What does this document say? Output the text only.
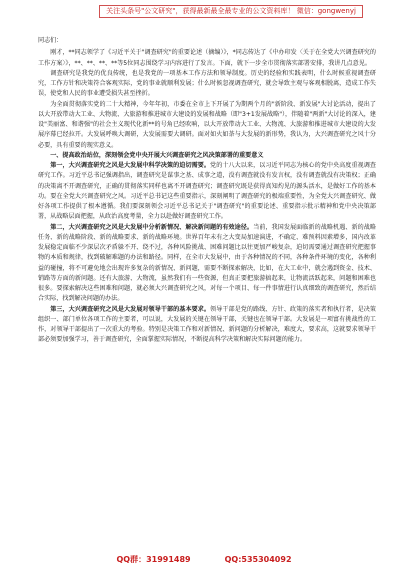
关注头条号"公文研究"，获得最新最全最专业的公文资料库！ 微信：gongwenyj

同志们：

刚才，**同志领学了《习近平关于"调查研究"的重要论述（摘编）》，*同志传达了《中办印发〈关于在全党大兴调查研究的工作方案〉》，**、**、**、**等5位同志围绕学习内容进行了发言。下面，就下一步全市贯彻落实部署安排，我讲几点意见。

调查研究是我党的优良传统，也是我党的一项基本工作方法和领导制度。历史的经验和实践表明，什么时候重视调查研究，工作方针和决策符合客观实际，党的事业就顺利发展；什么时候忽视调查研究，就会导致主观与客观相脱离，造成工作失误，使党和人民的事业遭受损失甚至挫折。

为全面贯彻落实党的二十大精神，今年年初，市委在全市上下开展了为期两个月的"新阶段、新发展"大讨论活动，提出了以大开放带动大工业、大物流、大旅游和推进城市大建设的发展和战略（即"3+1发展战略"），伴随着"两新"大讨论的深入，建设"美丽富、和谐强"的社会主义现代化新**的号角已经吹响，以大开放带动大工业、大物流、大旅游和推进城市大建设的大发展序幕已经拉开。大发展呼唤大调研，大发展需要大调研。面对如火如荼与大发展的新形势，我认为，大兴调查研究之风十分必要，具有重要的现实意义。

一、提高政治站位，深刻领会党中央开展大兴调查研究之风决策部署的重要意义

第一，大兴调查研究之风是大发展中科学决策的迫切需要。党的十八大以来，以习近平同志为核心的党中央高度重视调查研究工作。习近平总书记强调指出，调查研究是谋事之基、成事之道，没有调查就没有发言权，没有调查就没有决策权；正确的决策离不开调查研究，正确的贯彻落实同样也离不开调查研究；调查研究既是获得真知灼见的源头活水，是做好工作的基本功。要在全党大兴调查研究之风。习近平总书记这些重要指示，深刻阐明了调查研究的极端重要性，为全党大兴调查研究、做好各项工作提供了根本遵循。我们要深刻领会习近平总书记关于"调查研究"的重要论述、重要指示批示精神和党中央决策部署，从战略层面把握，从政治高度考量，全力以赴做好调查研究工作。

第二，大兴调查研究之风是大发展中分析新情况、解决新问题的有效途径。当前，我国发展面临新的战略机遇、新的战略任务、新的战略阶段、新的战略要求、新的战略环境。世界百年未有之大变局加速演进，不确定、难预料因素增多，国内改革发展稳定面临不少深层次矛盾躲不开、绕不过，各种风险挑战、困难问题比以往更加严峻复杂，迫切需要通过调查研究把握事物的本质和规律，找到破解难题的办法和路径。同样，在全市大发展中，由于各种情况的不同，各种条件环境的变化，各种利益的碰撞，将不可避免地会出现许多复杂的新情况、新问题，需要不断探索解决，比如，在大工业中，就会遇到资金、技术、销路等方面的新问题。还有大旅游、大物流，虽然我们有一些资源，但真正要把旅游搞起来，让物流活跃起来，问题和困难也很多。要探索解决这些困难和问题，就必须大兴调查研究之风，对每一个项目、每一件事情进行认真细致的调查研究，然后结合实际，找到解决问题的办法。

第三，大兴调查研究之风是大发展对领导干部的基本要求。领导干部是党的路线、方针、政策的落实者和执行者，是决策组织一、部门单位各项工作的主要者，可以说，大发展的关键在领导干部，关键也在领导干部。大发展是一项富有挑战性的工作，对领导干部提出了一次重大的考验。特别是决策工作和对新情况、新问题的分析解决，难度大，要求高，这就要求领导干部必须要加强学习，善于调查研究，全面掌握实际情况，不断提高科学决策和解决实际问题的能力。

QQ群：31991489	QQ:535304092
